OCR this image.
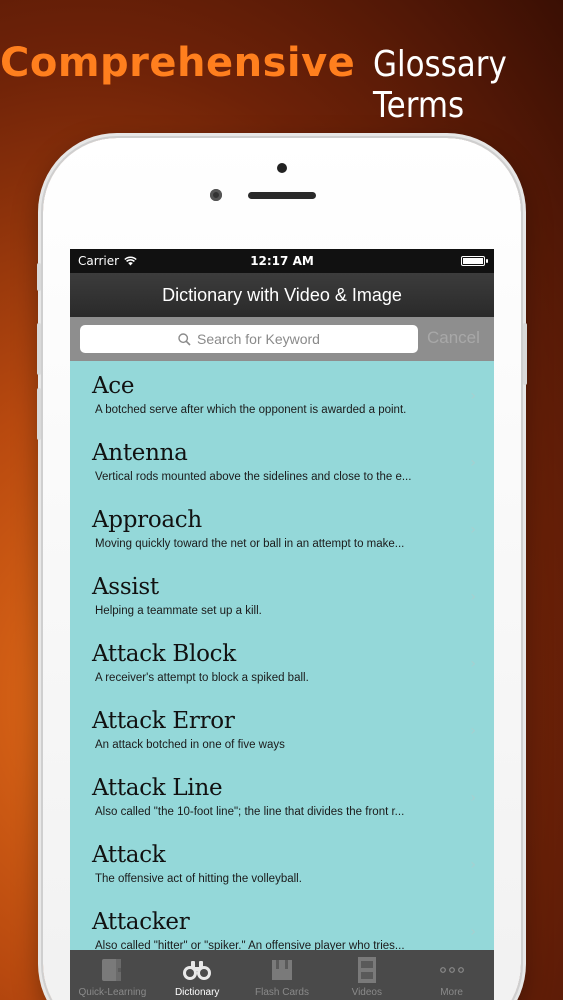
Comprehensive Glossary Terms
Carrier	12:17 AM
Dictionary with Video & Image
Search for Keyword	Cancel
Ace
A botched serve after which the opponent is awarded a point.
›
Antenna
Vertical rods mounted above the sidelines and close to the e...
›
Approach
Moving quickly toward the net or ball in an attempt to make...
›
Assist
Helping a teammate set up a kill.
›
Attack Block
A receiver's attempt to block a spiked ball.
›
Attack Error
An attack botched in one of five ways
›
Attack Line
Also called "the 10-foot line"; the line that divides the front r...
›
Attack
The offensive act of hitting the volleyball.
›
Attacker
Also called "hitter" or "spiker." An offensive player who tries...
›
Quick-Learning	Dictionary	Flash Cards	Videos	More
